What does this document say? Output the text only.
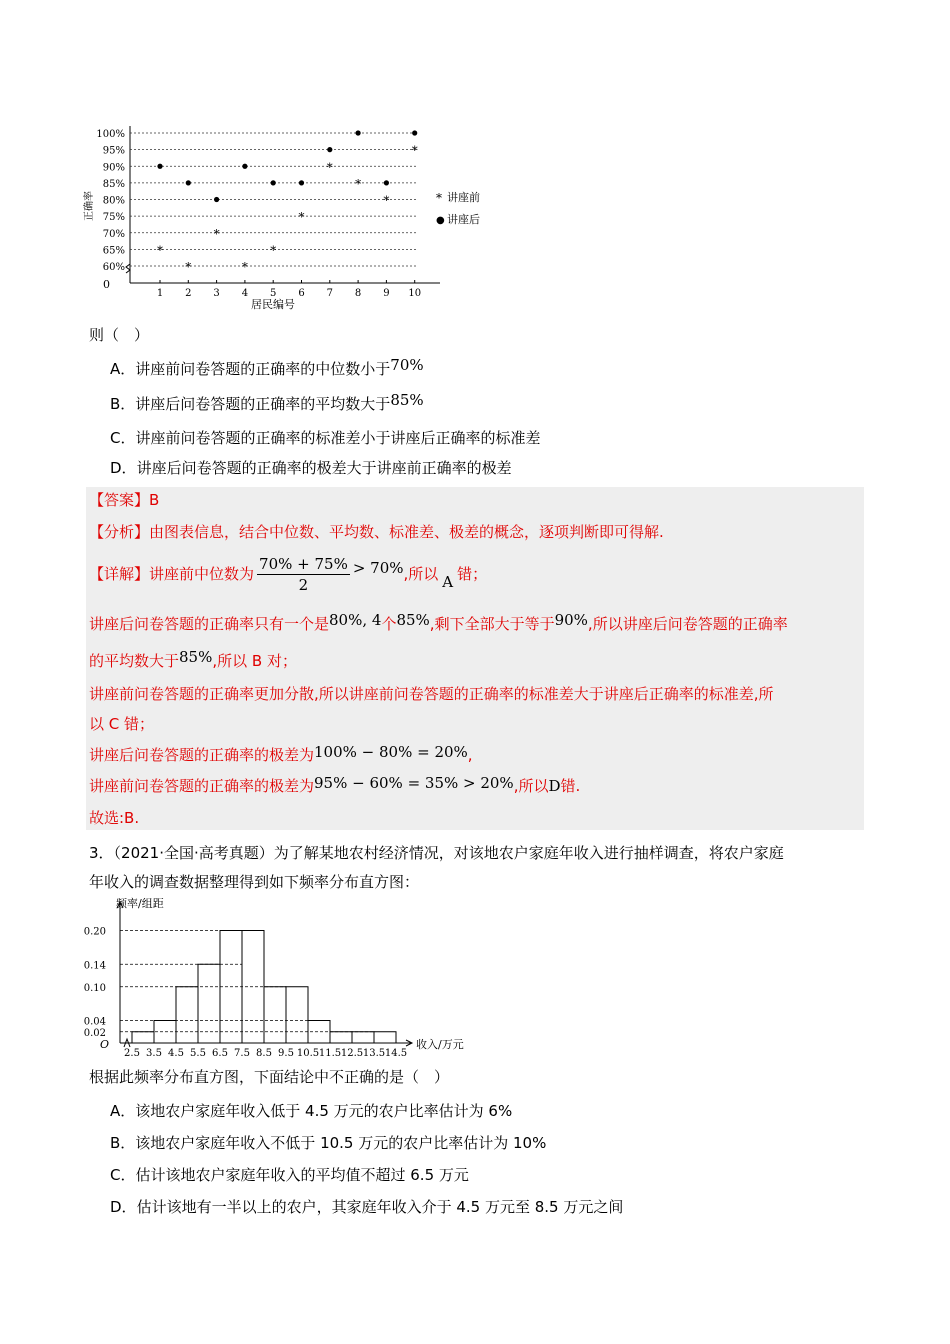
60%
65%
70%
75%
80%
85%
90%
95%
100%
1 2 3 4 5 6 7 8 9 10
*
*
*
*
*
*
*
*
*
*
0
居民编号
正确率	* 讲座前
● 讲座后
则（　）
A．讲座前问卷答题的正确率的中位数小于70%
B．讲座后问卷答题的正确率的平均数大于85%
C．讲座前问卷答题的正确率的标准差小于讲座后正确率的标准差
D．讲座后问卷答题的正确率的极差大于讲座前正确率的极差
【答案】B
【分析】由图表信息，结合中位数、平均数、标准差、极差的概念，逐项判断即可得解.
【详解】 讲座前中位数为 $\frac{70\% + 75\%}{2} > 70\%$ ,所以 A 错；
讲座后问卷答题的正确率只有一个是80%, 4个85%,剩下全部大于等于90%,所以讲座后问卷答题的正确率
的平均数大于85%,所以 B 对；
讲座前问卷答题的正确率更加分散,所以讲座前问卷答题的正确率的标准差大于讲座后正确率的标准差,所
以 C 错；
讲座后问卷答题的正确率的极差为100% − 80% = 20%,
讲座前问卷答题的正确率的极差为95% − 60% = 35% > 20%,所以D错.
故选:B.
3．（2021·全国·高考真题）为了解某地农村经济情况，对该地农户家庭年收入进行抽样调查，将农户家庭
年收入的调查数据整理得到如下频率分布直方图：
0.02
0.04
0.10
0.14
0.20
2.5 3.5 4.5 5.5 6.5 7.5 8.5 9.5 10.5 11.5 12.5 13.5 14.5
频率/组距
收入/万元
O
根据此频率分布直方图，下面结论中不正确的是（　）
A．该地农户家庭年收入低于 4.5 万元的农户比率估计为 6%
B．该地农户家庭年收入不低于 10.5 万元的农户比率估计为 10%
C．估计该地农户家庭年收入的平均值不超过 6.5 万元
D．估计该地有一半以上的农户，其家庭年收入介于 4.5 万元至 8.5 万元之间
